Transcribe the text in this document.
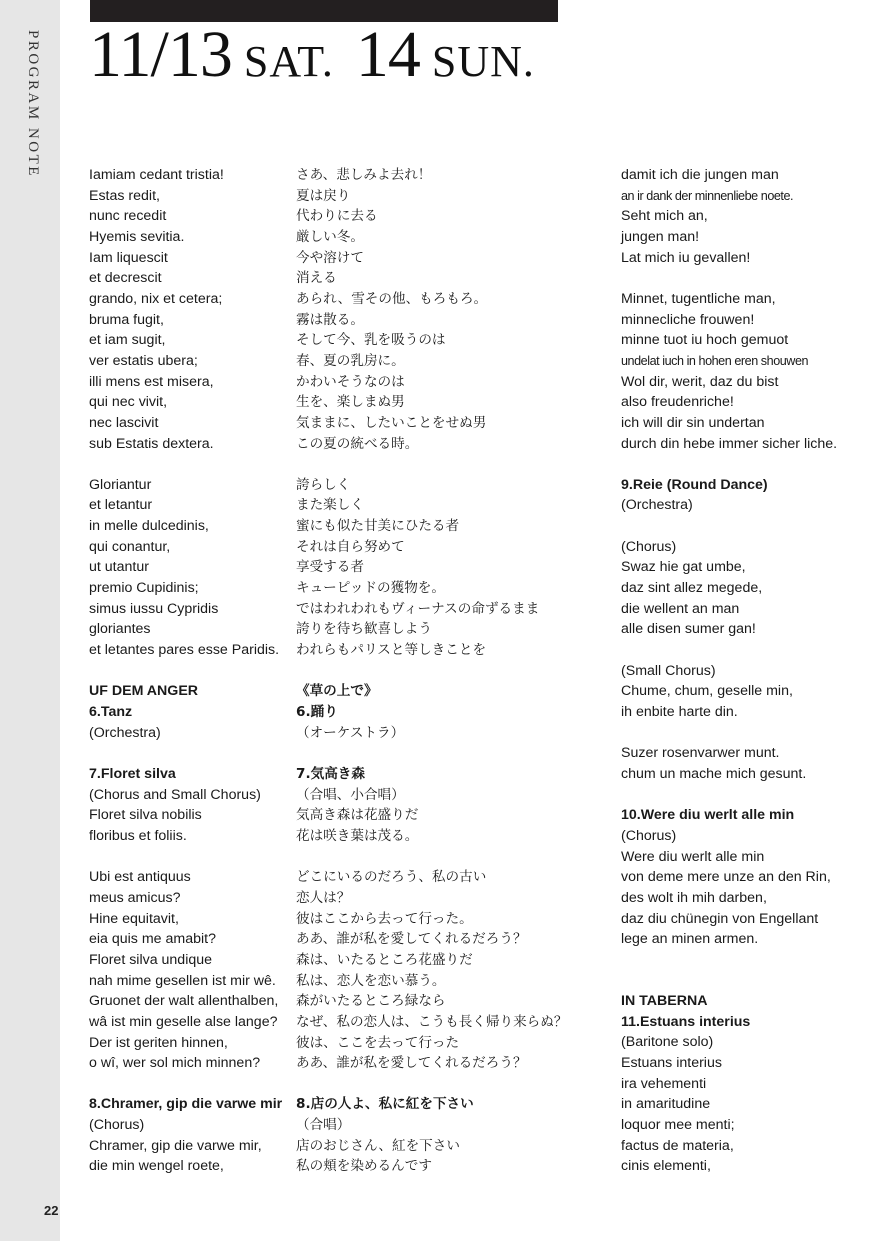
PROGRAM NOTE
22
11/13 SAT. 14 SUN.
Iamiam cedant tristia!
Estas redit,
nunc recedit
Hyemis sevitia.
Iam liquescit
et decrescit
grando, nix et cetera;
bruma fugit,
et iam sugit,
ver estatis ubera;
illi mens est misera,
qui nec vivit,
nec lascivit
sub Estatis dextera.
Gloriantur
et letantur
in melle dulcedinis,
qui conantur,
ut utantur
premio Cupidinis;
simus iussu Cypridis
gloriantes
et letantes pares esse Paridis.
UF DEM ANGER
6.Tanz
(Orchestra)
7.Floret silva
(Chorus and Small Chorus)
Floret silva nobilis
floribus et foliis.
Ubi est antiquus
meus amicus?
Hine equitavit,
eia quis me amabit?
Floret silva undique
nah mime gesellen ist mir wê.
Gruonet der walt allenthalben,
wâ ist min geselle alse lange?
Der ist geriten hinnen,
o wî, wer sol mich minnen?
8.Chramer, gip die varwe mir
(Chorus)
Chramer, gip die varwe mir,
die min wengel roete,
さあ、悲しみよ去れ！
夏は戻り
代わりに去る
厳しい冬。
今や溶けて
消える
あられ、雪その他、もろもろ。
霧は散る。
そして今、乳を吸うのは
春、夏の乳房に。
かわいそうなのは
生を、楽しまぬ男
気ままに、したいことをせぬ男
この夏の統べる時。
誇らしく
また楽しく
蜜にも似た甘美にひたる者
それは自ら努めて
享受する者
キューピッドの獲物を。
ではわれわれもヴィーナスの命ずるまま
誇りを待ち歓喜しよう
われらもパリスと等しきことを
《草の上で》
6.踊り
（オーケストラ）
7.気高き森
（合唱、小合唱）
気高き森は花盛りだ
花は咲き葉は茂る。
どこにいるのだろう、私の古い
恋人は？
彼はここから去って行った。
ああ、誰が私を愛してくれるだろう？
森は、いたるところ花盛りだ
私は、恋人を恋い慕う。
森がいたるところ緑なら
なぜ、私の恋人は、こうも長く帰り来らぬ？
彼は、ここを去って行った
ああ、誰が私を愛してくれるだろう？
8.店の人よ、私に紅を下さい
（合唱）
店のおじさん、紅を下さい
私の頬を染めるんです
damit ich die jungen man
an ir dank der minnenliebe noete.
Seht mich an,
jungen man!
Lat mich iu gevallen!
Minnet, tugentliche man,
minnecliche frouwen!
minne tuot iu hoch gemuot
undelat iuch in hohen eren shouwen
Wol dir, werit, daz du bist
also freudenriche!
ich will dir sin undertan
durch din hebe immer sicher liche.
9.Reie (Round Dance)
(Orchestra)
(Chorus)
Swaz hie gat umbe,
daz sint allez megede,
die wellent an man
alle disen sumer gan!
(Small Chorus)
Chume, chum, geselle min,
ih enbite harte din.
Suzer rosenvarwer munt.
chum un mache mich gesunt.
10.Were diu werlt alle min
(Chorus)
Were diu werlt alle min
von deme mere unze an den Rin,
des wolt ih mih darben,
daz diu chünegin von Engellant
lege an minen armen.
IN TABERNA
11.Estuans interius
(Baritone solo)
Estuans interius
ira vehementi
in amaritudine
loquor mee menti;
factus de materia,
cinis elementi,
